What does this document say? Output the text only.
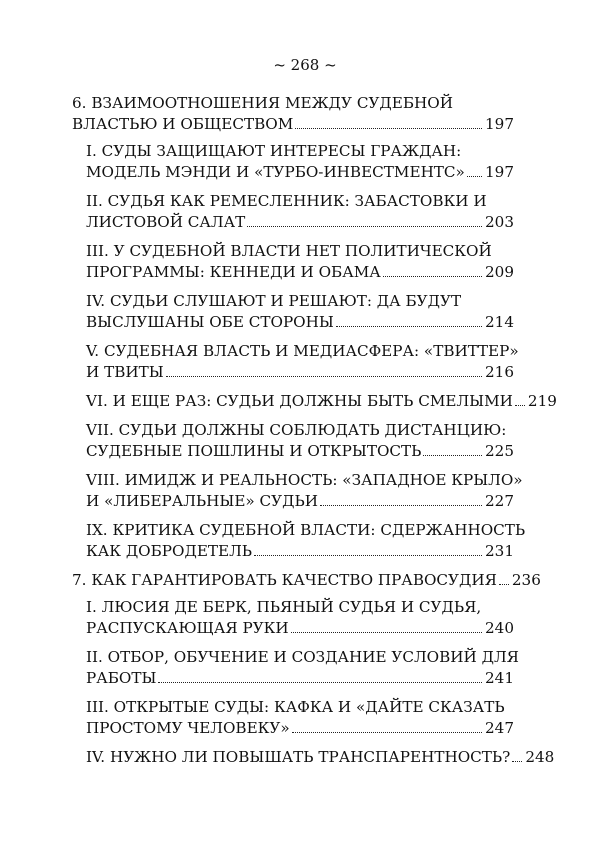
~ 268 ~
6. ВЗАИМООТНОШЕНИЯ МЕЖДУ СУДЕБНОЙ
ВЛАСТЬЮ И ОБЩЕСТВОМ	197
I. СУДЫ ЗАЩИЩАЮТ ИНТЕРЕСЫ ГРАЖДАН:
МОДЕЛЬ МЭНДИ И «ТУРБО-ИНВЕСТМЕНТС» 197
II. СУДЬЯ КАК РЕМЕСЛЕННИК: ЗАБАСТОВКИ И
ЛИСТОВОЙ САЛАТ	203
III. У СУДЕБНОЙ ВЛАСТИ НЕТ ПОЛИТИЧЕСКОЙ
ПРОГРАММЫ: КЕННЕДИ И ОБАМА	209
IV. СУДЬИ СЛУШАЮТ И РЕШАЮТ: ДА БУДУТ
ВЫСЛУШАНЫ ОБЕ СТОРОНЫ	214
V. СУДЕБНАЯ ВЛАСТЬ И МЕДИАСФЕРА: «ТВИТТЕР»
И ТВИТЫ	216
VI. И ЕЩЕ РАЗ: СУДЬИ ДОЛЖНЫ БЫТЬ СМЕЛЫМИ 219
VII. СУДЬИ ДОЛЖНЫ СОБЛЮДАТЬ ДИСТАНЦИЮ:
СУДЕБНЫЕ ПОШЛИНЫ И ОТКРЫТОСТЬ	225
VIII. ИМИДЖ И РЕАЛЬНОСТЬ: «ЗАПАДНОЕ КРЫЛО»
И «ЛИБЕРАЛЬНЫЕ» СУДЬИ	227
IX. КРИТИКА СУДЕБНОЙ ВЛАСТИ: СДЕРЖАННОСТЬ
КАК ДОБРОДЕТЕЛЬ	231
7. КАК ГАРАНТИРОВАТЬ КАЧЕСТВО ПРАВОСУДИЯ 236
I. ЛЮСИЯ ДЕ БЕРК, ПЬЯНЫЙ СУДЬЯ И СУДЬЯ,
РАСПУСКАЮЩАЯ РУКИ	240
II. ОТБОР, ОБУЧЕНИЕ И СОЗДАНИЕ УСЛОВИЙ ДЛЯ
РАБОТЫ	241
III. ОТКРЫТЫЕ СУДЫ: КАФКА И «ДАЙТЕ СКАЗАТЬ
ПРОСТОМУ ЧЕЛОВЕКУ»	247
IV. НУЖНО ЛИ ПОВЫШАТЬ ТРАНСПАРЕНТНОСТЬ? 248
